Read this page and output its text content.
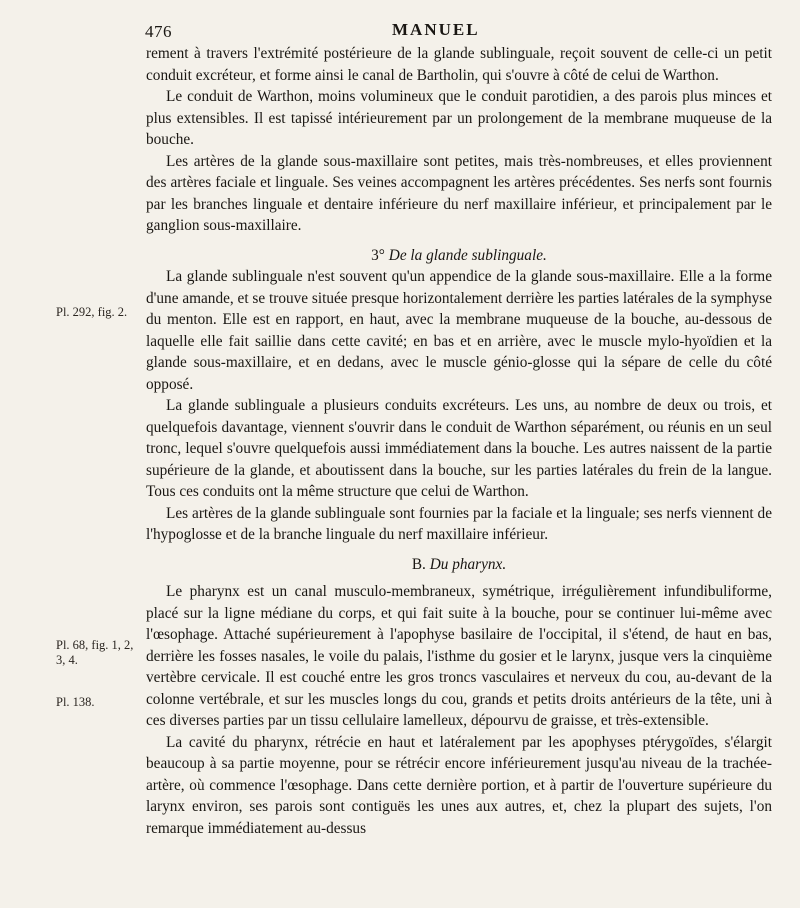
476	MANUEL
Pl. 292, fig. 2.
Pl. 68, fig. 1, 2, 3, 4.
Pl. 138.

rement à travers l'extrémité postérieure de la glande sublinguale, reçoit souvent de celle-ci un petit conduit excréteur, et forme ainsi le canal de Bartholin, qui s'ouvre à côté de celui de Warthon.

Le conduit de Warthon, moins volumineux que le conduit parotidien, a des parois plus minces et plus extensibles. Il est tapissé intérieurement par un prolongement de la membrane muqueuse de la bouche.

Les artères de la glande sous-maxillaire sont petites, mais très-nombreuses, et elles proviennent des artères faciale et linguale. Ses veines accompagnent les artères précédentes. Ses nerfs sont fournis par les branches linguale et dentaire inférieure du nerf maxillaire inférieur, et principalement par le ganglion sous-maxillaire.

3° De la glande sublinguale.

La glande sublinguale n'est souvent qu'un appendice de la glande sous-maxillaire. Elle a la forme d'une amande, et se trouve située presque horizontalement derrière les parties latérales de la symphyse du menton. Elle est en rapport, en haut, avec la membrane muqueuse de la bouche, au-dessous de laquelle elle fait saillie dans cette cavité; en bas et en arrière, avec le muscle mylo-hyoïdien et la glande sous-maxillaire, et en dedans, avec le muscle génio-glosse qui la sépare de celle du côté opposé.

La glande sublinguale a plusieurs conduits excréteurs. Les uns, au nombre de deux ou trois, et quelquefois davantage, viennent s'ouvrir dans le conduit de Warthon séparément, ou réunis en un seul tronc, lequel s'ouvre quelquefois aussi immédiatement dans la bouche. Les autres naissent de la partie supérieure de la glande, et aboutissent dans la bouche, sur les parties latérales du frein de la langue. Tous ces conduits ont la même structure que celui de Warthon.

Les artères de la glande sublinguale sont fournies par la faciale et la linguale; ses nerfs viennent de l'hypoglosse et de la branche linguale du nerf maxillaire inférieur.

B. Du pharynx.

Le pharynx est un canal musculo-membraneux, symétrique, irrégulièrement infundibuliforme, placé sur la ligne médiane du corps, et qui fait suite à la bouche, pour se continuer lui-même avec l'œsophage. Attaché supérieurement à l'apophyse basilaire de l'occipital, il s'étend, de haut en bas, derrière les fosses nasales, le voile du palais, l'isthme du gosier et le larynx, jusque vers la cinquième vertèbre cervicale. Il est couché entre les gros troncs vasculaires et nerveux du cou, au-devant de la colonne vertébrale, et sur les muscles longs du cou, grands et petits droits antérieurs de la tête, uni à ces diverses parties par un tissu cellulaire lamelleux, dépourvu de graisse, et très-extensible.

La cavité du pharynx, rétrécie en haut et latéralement par les apophyses ptérygoïdes, s'élargit beaucoup à sa partie moyenne, pour se rétrécir encore inférieurement jusqu'au niveau de la trachée-artère, où commence l'œsophage. Dans cette dernière portion, et à partir de l'ouverture supérieure du larynx environ, ses parois sont contiguës les unes aux autres, et, chez la plupart des sujets, l'on remarque immédiatement au-dessus
